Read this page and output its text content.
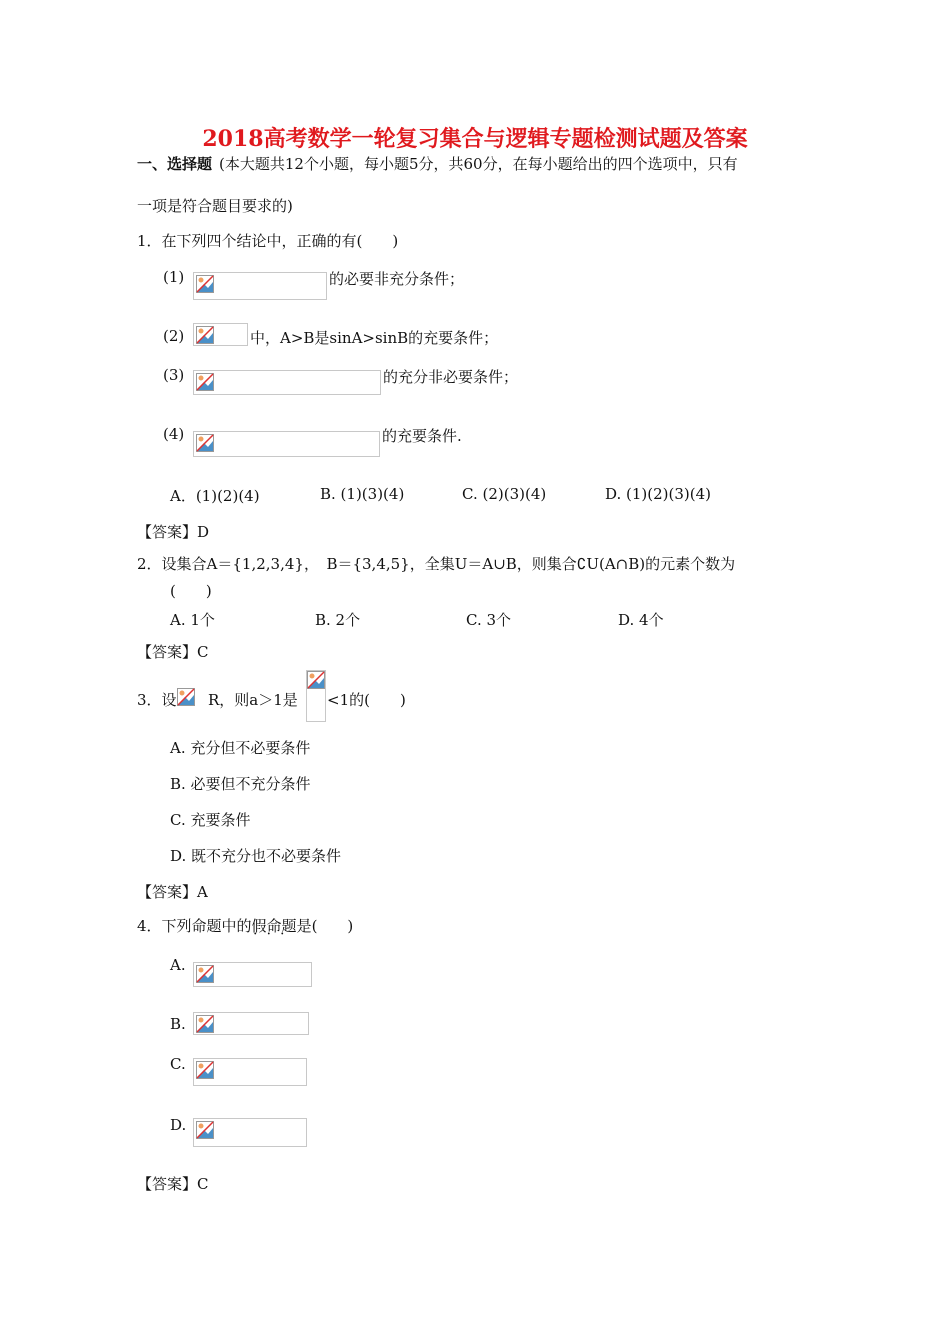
2018高考数学一轮复习集合与逻辑专题检测试题及答案
一、选择题 (本大题共12个小题，每小题5分，共60分，在每小题给出的四个选项中，只有
一项是符合题目要求的)
1．在下列四个结论中，正确的有(　　)
(1)	的必要非充分条件；
(2)	中，A>B是sinA>sinB的充要条件；
(3)	的充分非必要条件；
(4)	的充要条件.
A．(1)(2)(4)	B. (1)(3)(4)	C. (2)(3)(4)	D. (1)(2)(3)(4)
【答案】D
2．设集合A＝{1,2,3,4}，　B＝{3,4,5}，全集U＝A∪B，则集合∁U(A∩B)的元素个数为
(　　)
A. 1个	B. 2个	C. 3个	D. 4个
【答案】C
3．设 R，则a＞1是 <1的(　　)
A. 充分但不必要条件
B. 必要但不充分条件
C. 充要条件
D. 既不充分也不必要条件
【答案】A
4．下列命题中的假命题 • • •是(　　)
A.
B.
C.
D.
【答案】C
